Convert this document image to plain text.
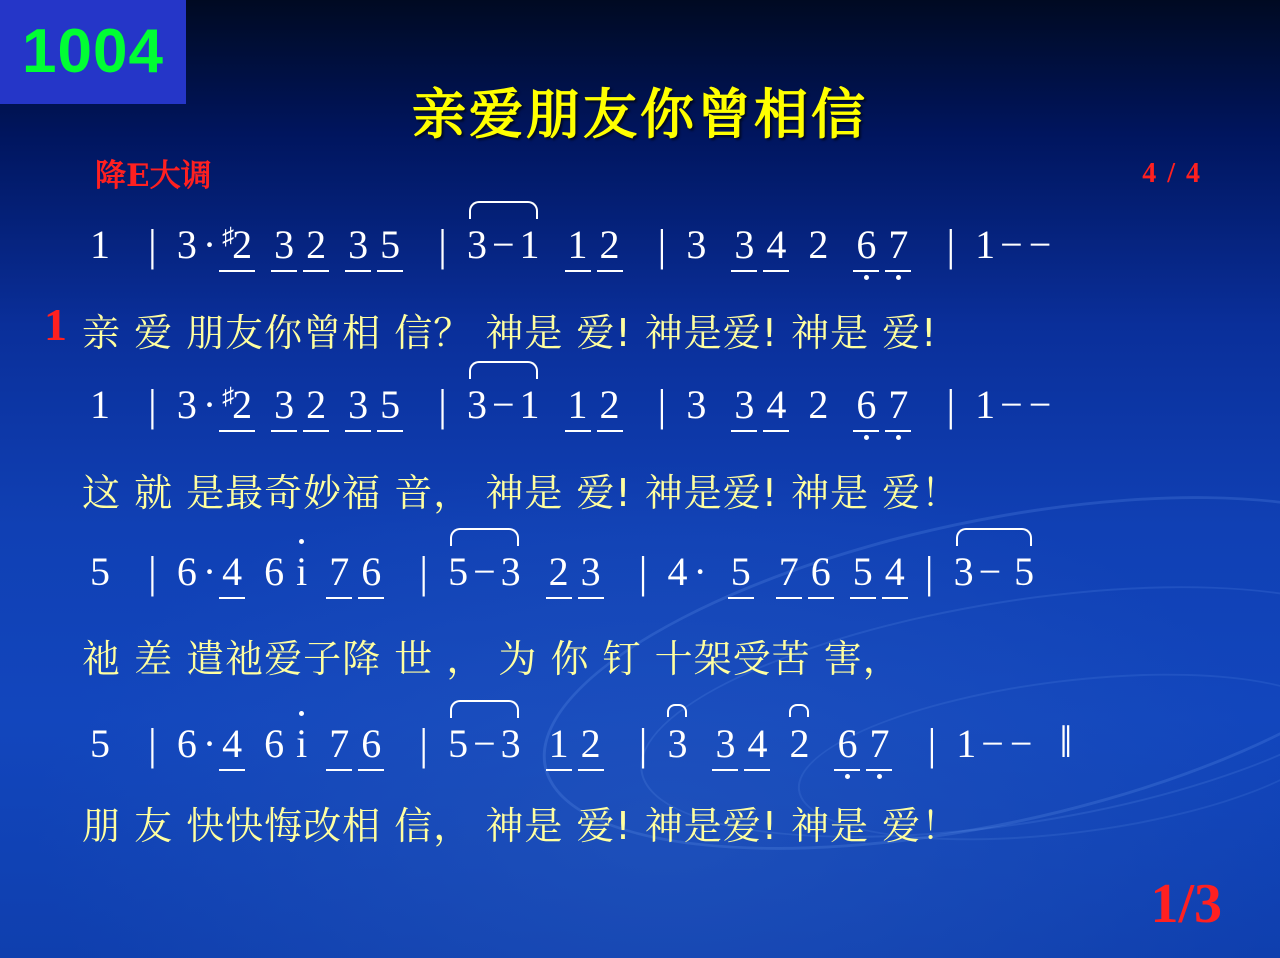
1004
亲爱朋友你曾相信
降E大调	4 / 4
1
1 | 3 · ♯2 3 2 3 5 | 3 − 1 1 2 | 3 3 4 2 6 7 | 1 − −
亲 爱 朋友你曾相 信？ 神是 爱! 神是爱! 神是 爱!
1 | 3 · ♯2 3 2 3 5 | 3 − 1 1 2 | 3 3 4 2 6 7 | 1 − −
这 就 是最奇妙福 音， 神是 爱! 神是爱! 神是 爱！
5 | 6 · 4 6 i 7 6 | 5 − 3 2 3 | 4 · 5 7 6 5 4 | 3 − 5
祂 差 遣祂爱子降 世 ， 为 你 钉 十架受苦 害，
5 | 6 · 4 6 i 7 6 | 5 − 3 1 2 | 3 3 4 2 6 7 | 1 − − ‖
朋 友 快快悔改相 信， 神是 爱! 神是爱! 神是 爱！
1/3
